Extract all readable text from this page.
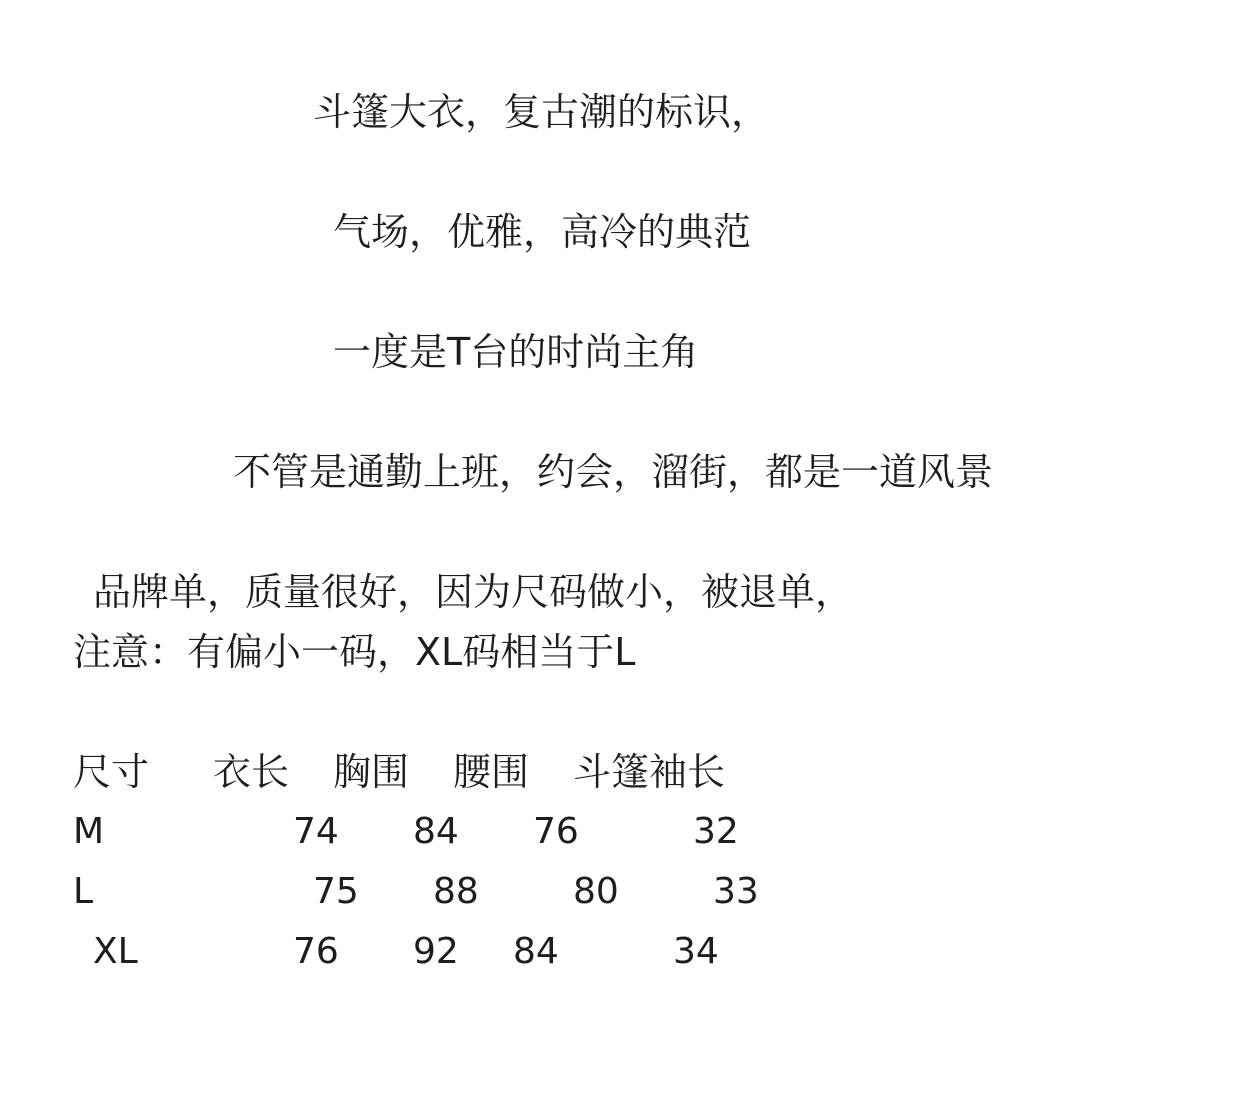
斗篷大衣，复古潮的标识，
气场，优雅，高冷的典范
一度是T台的时尚主角
不管是通勤上班，约会，溜街，都是一道风景
品牌单，质量很好，因为尺码做小，被退单，
注意：有偏小一码，XL码相当于L
尺寸 衣长 胸围 腰围 斗篷袖长
M	74 84 76	32
L	75 88	80	33
XL	76 92 84	34
